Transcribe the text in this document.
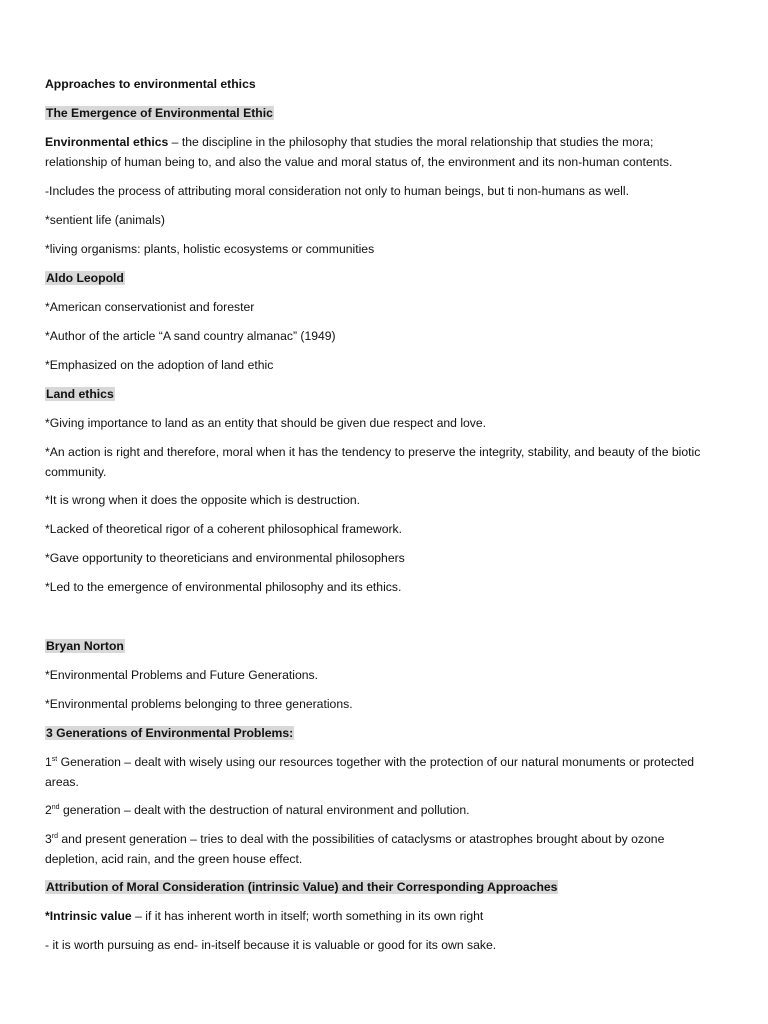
Approaches to environmental ethics
The Emergence of Environmental Ethic
Environmental ethics – the discipline in the philosophy that studies the moral relationship that studies the mora; relationship of human being to, and also the value and moral status of, the environment and its non-human contents.
-Includes the process of attributing moral consideration not only to human beings, but ti non-humans as well.
*sentient life (animals)
*living organisms: plants, holistic ecosystems or communities
Aldo Leopold
*American conservationist and forester
*Author of the article “A sand country almanac” (1949)
*Emphasized on the adoption of land ethic
Land ethics
*Giving importance to land as an entity that should be given due respect and love.
*An action is right and therefore, moral when it has the tendency to preserve the integrity, stability, and beauty of the biotic community.
*It is wrong when it does the opposite which is destruction.
*Lacked of theoretical rigor of a coherent philosophical framework.
*Gave opportunity to theoreticians and environmental philosophers
*Led to the emergence of environmental philosophy and its ethics.
Bryan Norton
*Environmental Problems and Future Generations.
*Environmental problems belonging to three generations.
3 Generations of Environmental Problems:
1st Generation – dealt with wisely using our resources together with the protection of our natural monuments or protected areas.
2nd generation – dealt with the destruction of natural environment and pollution.
3rd and present generation – tries to deal with the possibilities of cataclysms or atastrophes brought about by ozone depletion, acid rain, and the green house effect.
Attribution of Moral Consideration (intrinsic Value) and their Corresponding Approaches
*Intrinsic value – if it has inherent worth in itself; worth something in its own right
- it is worth pursuing as end- in-itself because it is valuable or good for its own sake.
